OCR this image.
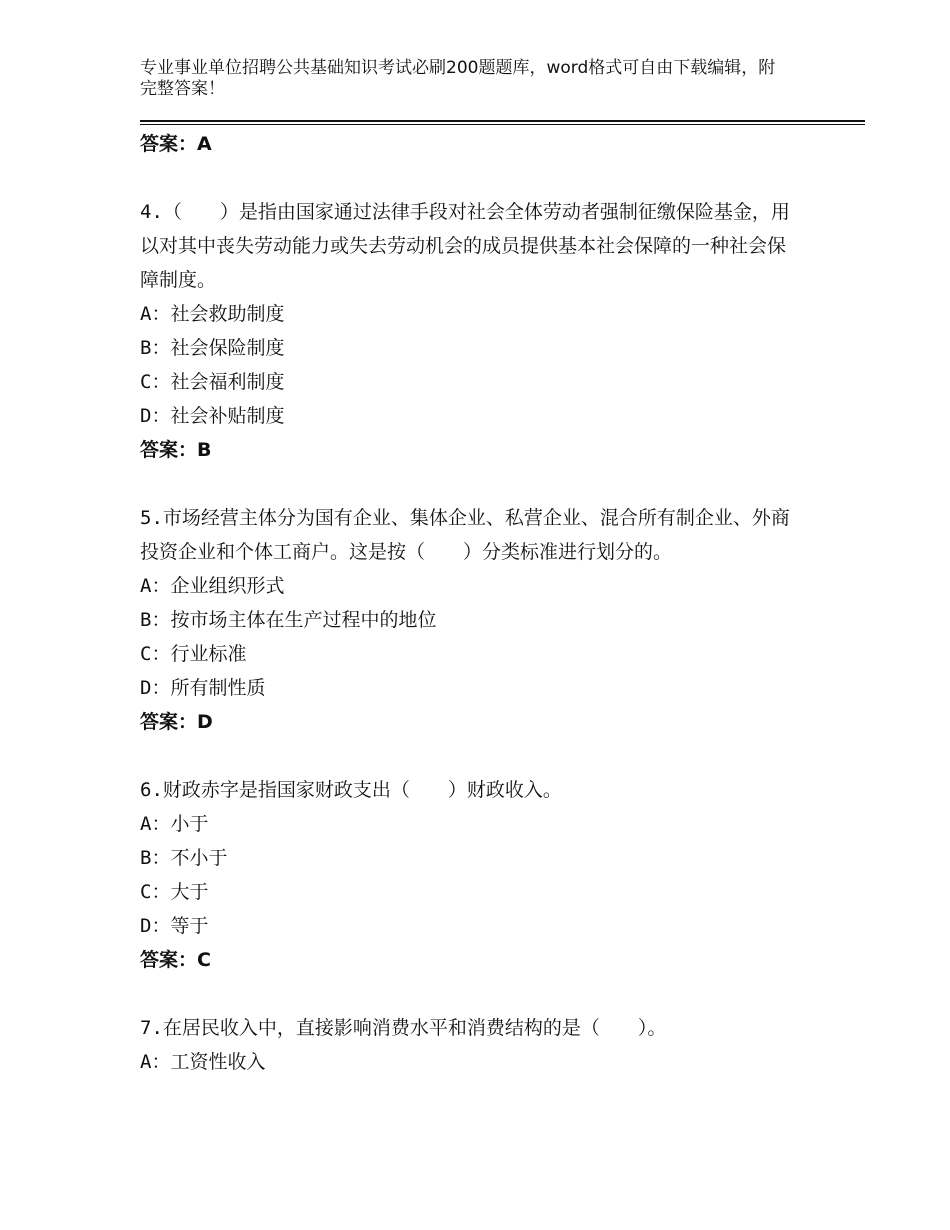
专业事业单位招聘公共基础知识考试必刷200题题库，word格式可自由下载编辑，附完整答案！

答案：A

4.（　　）是指由国家通过法律手段对社会全体劳动者强制征缴保险基金，用以对其中丧失劳动能力或失去劳动机会的成员提供基本社会保障的一种社会保障制度。

A：社会救助制度

B：社会保险制度

C：社会福利制度

D：社会补贴制度

答案：B

5.市场经营主体分为国有企业、集体企业、私营企业、混合所有制企业、外商投资企业和个体工商户。这是按（　　）分类标准进行划分的。

A：企业组织形式

B：按市场主体在生产过程中的地位

C：行业标准

D：所有制性质

答案：D

6.财政赤字是指国家财政支出（　　）财政收入。

A：小于

B：不小于

C：大于

D：等于

答案：C

7.在居民收入中，直接影响消费水平和消费结构的是（　　）。

A：工资性收入
